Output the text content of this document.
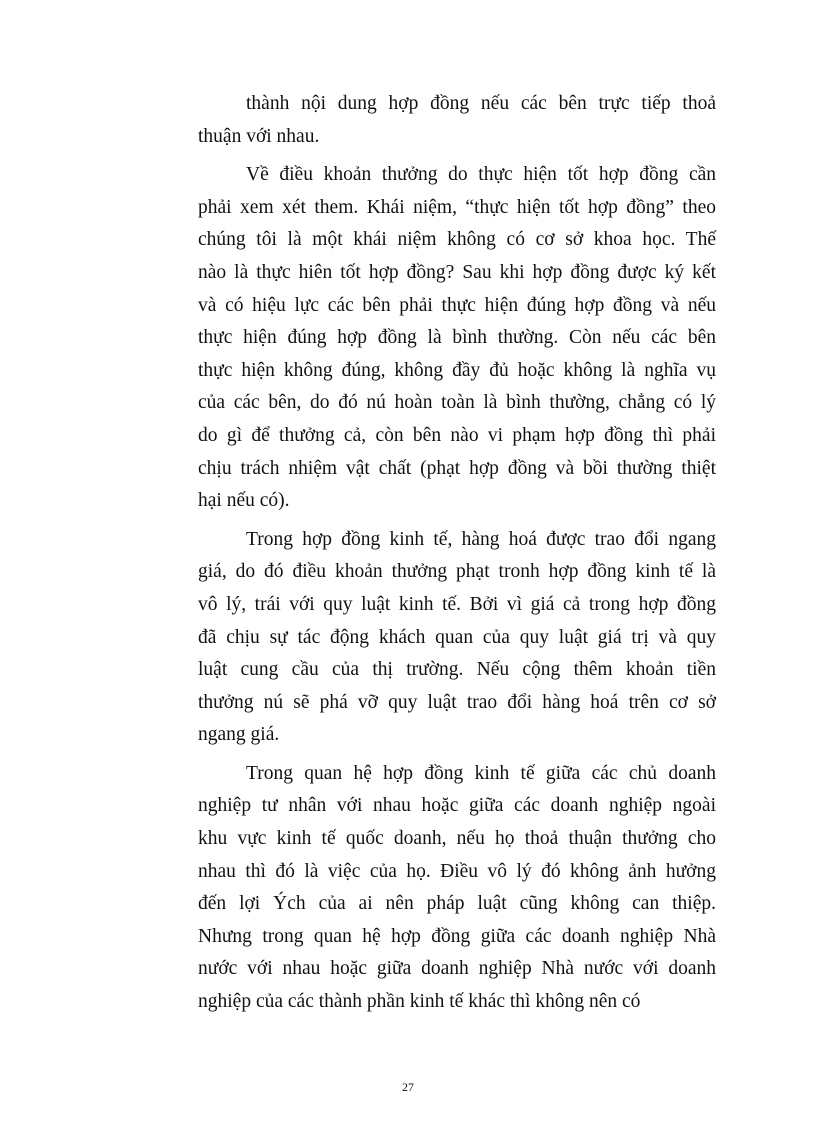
thành nội dung hợp đồng nếu các bên trực tiếp thoả
thuận với nhau.
Về điều khoản thưởng do thực hiện tốt hợp đồng cần
phải xem xét them. Khái niệm, “thực hiện tốt hợp đồng” theo
chúng tôi là một khái niệm không có cơ sở khoa học. Thế
nào là thực hiên tốt hợp đồng? Sau khi hợp đồng được ký kết
và có hiệu lực các bên phải thực hiện đúng hợp đồng và nếu
thực hiện đúng hợp đồng là bình thường. Còn nếu các bên
thực hiện không đúng, không đầy đủ hoặc không là nghĩa vụ
của các bên, do đó nú hoàn toàn là bình thường, chẳng có lý
do gì để thưởng cả, còn bên nào vi phạm hợp đồng thì phải
chịu trách nhiệm vật chất (phạt hợp đồng và bồi thường thiệt
hại nếu có).
Trong hợp đồng kinh tế, hàng hoá được trao đổi ngang
giá, do đó điều khoản thưởng phạt tronh hợp đồng kinh tế là
vô lý, trái với quy luật kinh tế. Bởi vì giá cả trong hợp đồng
đã chịu sự tác động khách quan của quy luật giá trị và quy
luật cung cầu của thị trường. Nếu cộng thêm khoản tiền
thưởng nú sẽ phá vỡ quy luật trao đổi hàng hoá trên cơ sở
ngang giá.
Trong quan hệ hợp đồng kinh tế giữa các chủ doanh
nghiệp tư nhân với nhau hoặc giữa các doanh nghiệp ngoài
khu vực kinh tế quốc doanh, nếu họ thoả thuận thưởng cho
nhau thì đó là việc của họ. Điều vô lý đó không ảnh hưởng
đến lợi Ých của ai nên pháp luật cũng không can thiệp.
Nhưng trong quan hệ hợp đồng giữa các doanh nghiệp Nhà
nước với nhau hoặc giữa doanh nghiệp Nhà nước với doanh
nghiệp của các thành phần kinh tế khác thì không nên có
27
